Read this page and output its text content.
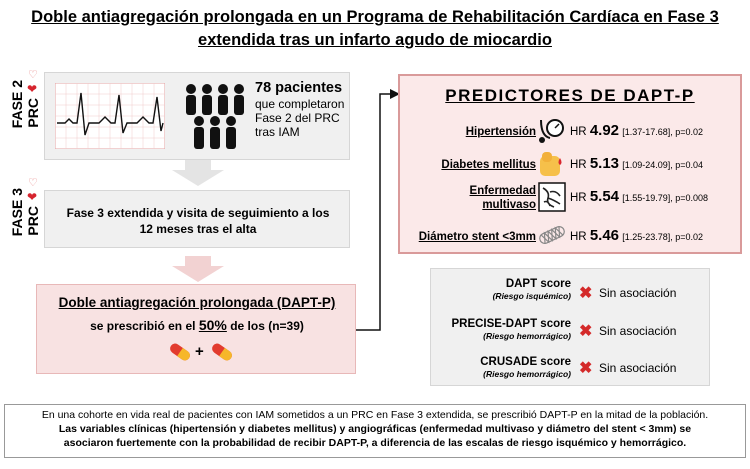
Doble antiagregación prolongada en un Programa de Rehabilitación Cardíaca en Fase 3
extendida tras un infarto agudo de miocardio
FASE 2 PRC
❤
♡
FASE 3 PRC
❤
♡
78 pacientes
que completaron
Fase 2 del PRC
tras IAM
Fase 3 extendida y visita de seguimiento a los
12 meses tras el alta
Doble antiagregación prolongada (DAPT-P)
se prescribió en el 50% de los (n=39)
+
PREDICTORES DE DAPT-P
Hipertensión	HR 4.92 [1.37-17.68], p=0.02
Diabetes mellitus	HR 5.13 [1.09-24.09], p=0.04
Enfermedad
multivaso
HR 5.54 [1.55-19.79], p=0.008
Diámetro stent <3mm	HR 5.46 [1.25-23.78], p=0.02
DAPT score
(Riesgo isquémico) ✖ Sin asociación
PRECISE-DAPT score
(Riesgo hemorrágico) ✖ Sin asociación
CRUSADE score
(Riesgo hemorrágico) ✖ Sin asociación
En una cohorte en vida real de pacientes con IAM sometidos a un PRC en Fase 3 extendida, se prescribió DAPT-P en la mitad de la población.
Las variables clínicas (hipertensión y diabetes mellitus) y angiográficas (enfermedad multivaso y diámetro del stent < 3mm) se
asociaron fuertemente con la probabilidad de recibir DAPT-P, a diferencia de las escalas de riesgo isquémico y hemorrágico.
